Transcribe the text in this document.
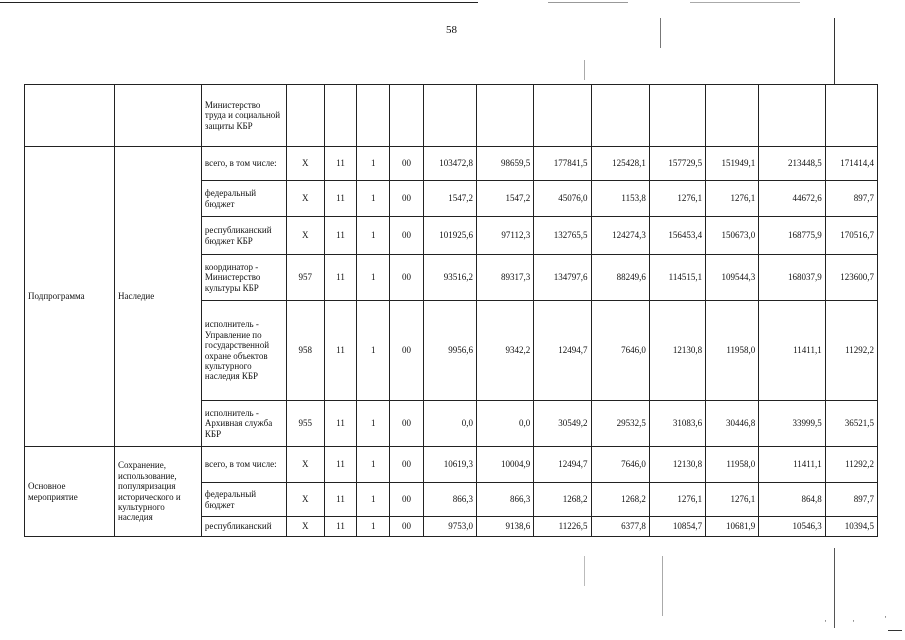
58
		Министерство труда и социальной защиты КБР												
Подпрограмма	Наследие	всего, в том числе:	X	11	1	00	103472,8	98659,5	177841,5	125428,1	157729,5	151949,1	213448,5	171414,4
		федеральный бюджет	X	11	1	00	1547,2	1547,2	45076,0	1153,8	1276,1	1276,1	44672,6	897,7
		республиканский бюджет КБР	X	11	1	00	101925,6	97112,3	132765,5	124274,3	156453,4	150673,0	168775,9	170516,7
		координатор - Министерство культуры КБР	957	11	1	00	93516,2	89317,3	134797,6	88249,6	114515,1	109544,3	168037,9	123600,7
		исполнитель - Управление по государственной охране объектов культурного наследия КБР	958	11	1	00	9956,6	9342,2	12494,7	7646,0	12130,8	11958,0	11411,1	11292,2
		исполнитель - Архивная служба КБР	955	11	1	00	0,0	0,0	30549,2	29532,5	31083,6	30446,8	33999,5	36521,5
Основное мероприятие	Сохранение, использование, популяризация исторического и культурного наследия	всего, в том числе:	X	11	1	00	10619,3	10004,9	12494,7	7646,0	12130,8	11958,0	11411,1	11292,2
		федеральный бюджет	X	11	1	00	866,3	866,3	1268,2	1268,2	1276,1	1276,1	864,8	897,7
		республиканский	X	11	1	00	9753,0	9138,6	11226,5	6377,8	10854,7	10681,9	10546,3	10394,5
·	·	·
